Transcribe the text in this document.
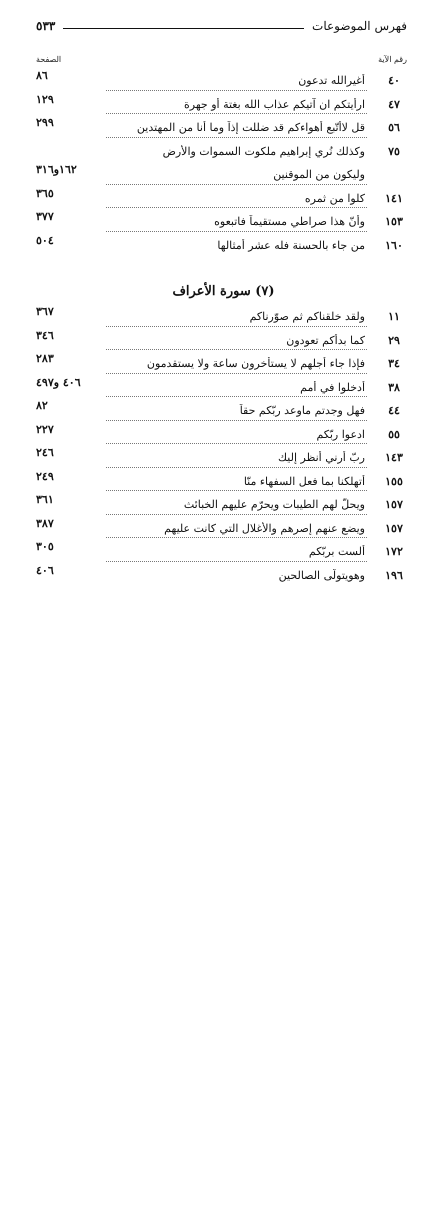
فهرس الموضوعات
٥٣٣
رقم الآية
الصفحة
٤٠
أغيرالله تدعون
٨٦
٤٧
ارأيتكم ان آتيكم عذاب الله بغتة أو جهرة
١٢٩
٥٦
قل لاأتّبع أهواءكم قد ضللت إذاً وما أنا من المهتدين
٢٩٩
٧٥
وكذلك نُري إبراهيم ملكوت السموات والأرض
وليكون من الموقنين
١٦٢و٣١٦
١٤١
كلوا من ثمره
٣٦٥
١٥٣
وأنّ هذا صراطي مستقيماً فاتبعوه
٣٧٧
١٦٠
من جاء بالحسنة فله عشر أمثالها
٥٠٤
(٧) سورة الأعراف
١١
ولقد خلقناكم ثم صوّرناكم
٣٦٧
٢٩
كما بدأكم تعودون
٣٤٦
٣٤
فإذا جاء أجلهم لا يستأخرون ساعة ولا يستقدمون
٢٨٣
٣٨
أدخلوا في أمم
٤٠٦ و٤٩٧
٤٤
فهل وجدتم ماوعد ربّكم حقاً
٨٢
٥٥
ادعوا ربّكم
٢٢٧
١٤٣
ربّ أرني أنظر إليك
٢٤٦
١٥٥
أتهلكنا بما فعل السفهاء منّا
٢٤٩
١٥٧
ويحلّ لهم الطيبات ويحرّم عليهم الخبائث
٣٦١
١٥٧
ويضع عنهم إصرهم والأغلال التي كانت عليهم
٣٨٧
١٧٢
ألست بربّكم
٣٠٥
١٩٦
وهويتولّى الصالحين
٤٠٦
